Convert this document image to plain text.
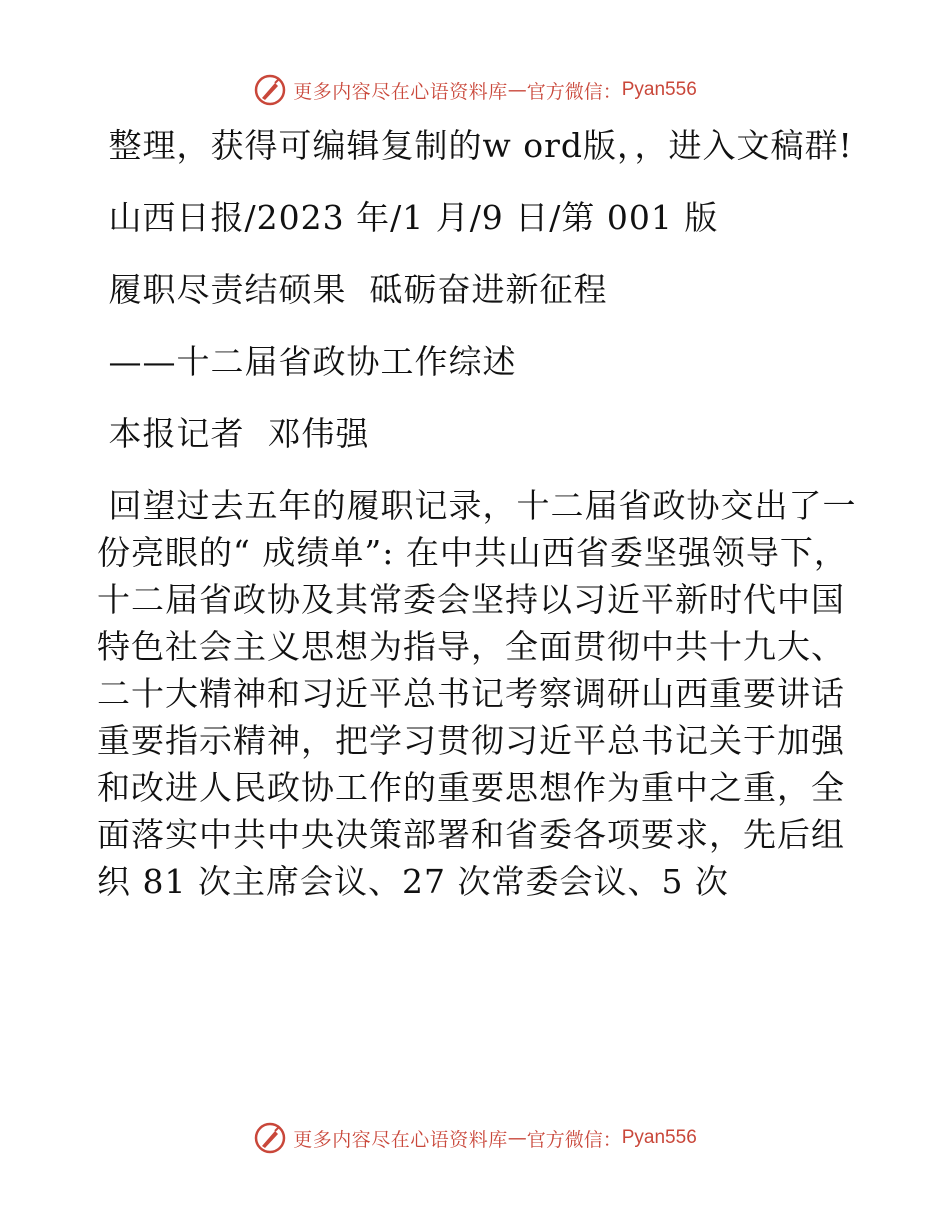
更多内容尽在心语资料库 — 官方微信： Pyan556

整理，获得可编辑复制的w ord版，，进入文稿群!

山西日报/2023 年/1 月/9 日/第 001 版

履职尽责结硕果  砥砺奋进新征程

——十二届省政协工作综述

本报记者  邓伟强

回望过去五年的履职记录，十二届省政协交出了一份亮眼的“ 成绩单”: 在中共山西省委坚强领导下，十二届省政协及其常委会坚持以习近平新时代中国特色社会主义思想为指导，全面贯彻中共十九大、二十大精神和习近平总书记考察调研山西重要讲话重要指示精神，把学习贯彻习近平总书记关于加强和改进人民政协工作的重要思想作为重中之重，全面落实中共中央决策部署和省委各项要求，先后组织 81 次主席会议、27 次常委会议、5 次

更多内容尽在心语资料库 — 官方微信： Pyan556
